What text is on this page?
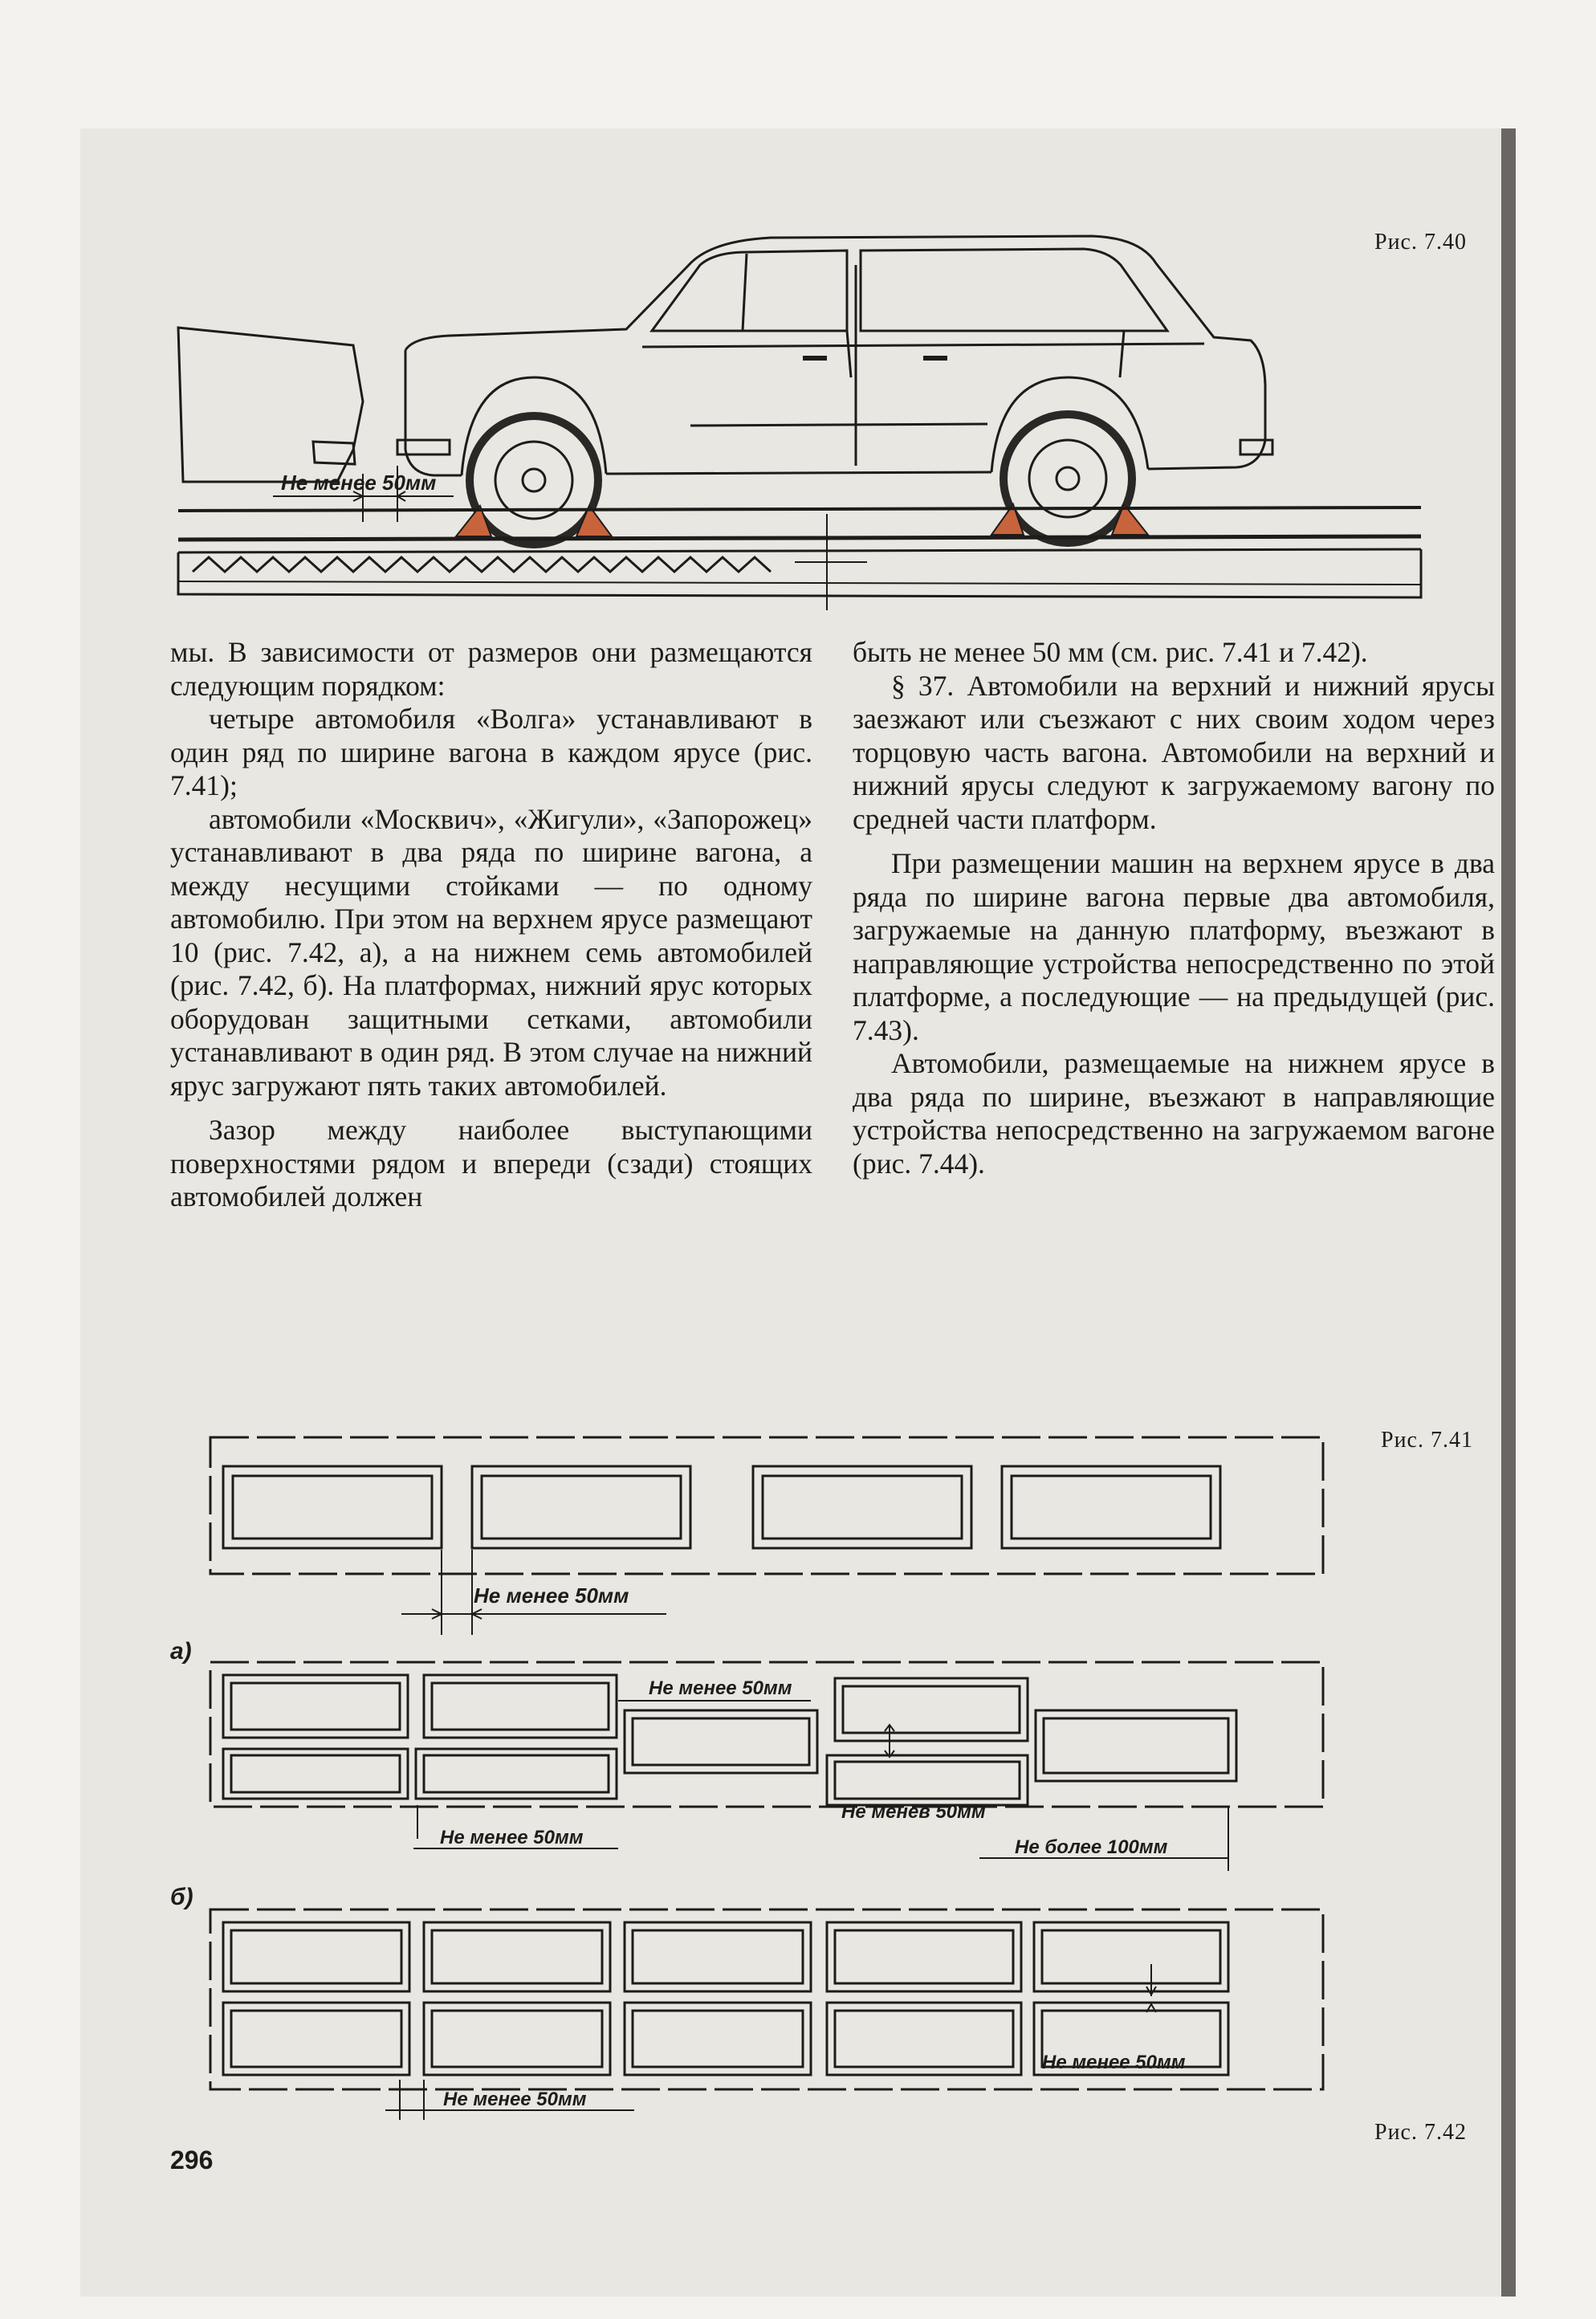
Не менее 50мм
Рис. 7.40

мы. В зависимости от размеров они размещаются следующим порядком:

четыре автомобиля «Волга» устанавливают в один ряд по ширине вагона в каждом ярусе (рис. 7.41);

автомобили «Москвич», «Жигули», «Запорожец» устанавливают в два ряда по ширине вагона, а между несущими стойками — по одному автомобилю. При этом на верхнем ярусе размещают 10 (рис. 7.42, а), а на нижнем семь автомобилей (рис. 7.42, б). На платформах, нижний ярус которых оборудован защитными сетками, автомобили устанавливают в один ряд. В этом случае на нижний ярус загружают пять таких автомобилей.

Зазор между наиболее выступающими поверхностями рядом и впереди (сзади) стоящих автомобилей должен

быть не менее 50 мм (см. рис. 7.41 и 7.42).

§ 37. Автомобили на верхний и нижний ярусы заезжают или съезжают с них своим ходом через торцовую часть вагона. Автомобили на верхний и нижний ярусы следуют к загружаемому вагону по средней части платформ.

При размещении машин на верхнем ярусе в два ряда по ширине вагона первые два автомобиля, загружаемые на данную платформу, въезжают в направляющие устройства непосредственно по этой платформе, а последующие — на предыдущей (рис. 7.43).

Автомобили, размещаемые на нижнем ярусе в два ряда по ширине, въезжают в направляющие устройства непосредственно на загружаемом вагоне (рис. 7.44).

Рис. 7.41
Не менее 50мм
а)
б)
Не менее 50мм
Не менев 50мм
Не менее 50мм	Не более 100мм
Не менее 50мм
Не менее 50мм
Рис. 7.42
296
